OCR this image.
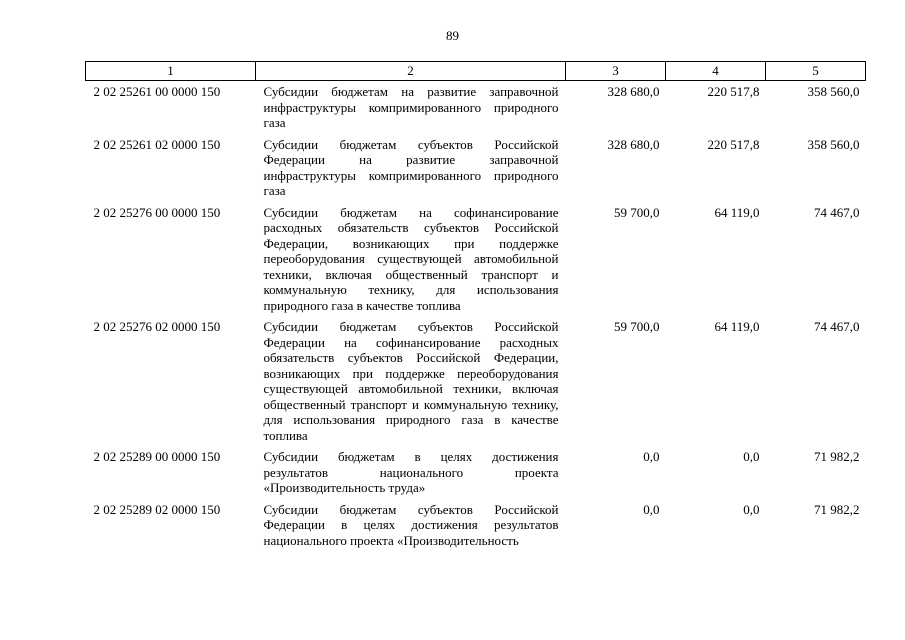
89
1	2	3	4	5
2 02 25261 00 0000 150	Субсидии бюджетам на развитие заправочной инфраструктуры компримированного природного газа	328 680,0	220 517,8	358 560,0
2 02 25261 02 0000 150	Субсидии бюджетам субъектов Российской Федерации на развитие заправочной инфраструктуры компримированного природного газа	328 680,0	220 517,8	358 560,0
2 02 25276 00 0000 150	Субсидии бюджетам на софинансирование расходных обязательств субъектов Российской Федерации, возникающих при поддержке переоборудования существующей автомобильной техники, включая общественный транспорт и коммунальную технику, для использования природного газа в качестве топлива	59 700,0	64 119,0	74 467,0
2 02 25276 02 0000 150	Субсидии бюджетам субъектов Российской Федерации на софинансирование расходных обязательств субъектов Российской Федерации, возникающих при поддержке переоборудования существующей автомобильной техники, включая общественный транспорт и коммунальную технику, для использования природного газа в качестве топлива	59 700,0	64 119,0	74 467,0
2 02 25289 00 0000 150	Субсидии бюджетам в целях достижения результатов национального проекта «Производительность труда»	0,0	0,0	71 982,2
2 02 25289 02 0000 150	Субсидии бюджетам субъектов Российской Федерации в целях достижения результатов национального проекта «Производительность	0,0	0,0	71 982,2
